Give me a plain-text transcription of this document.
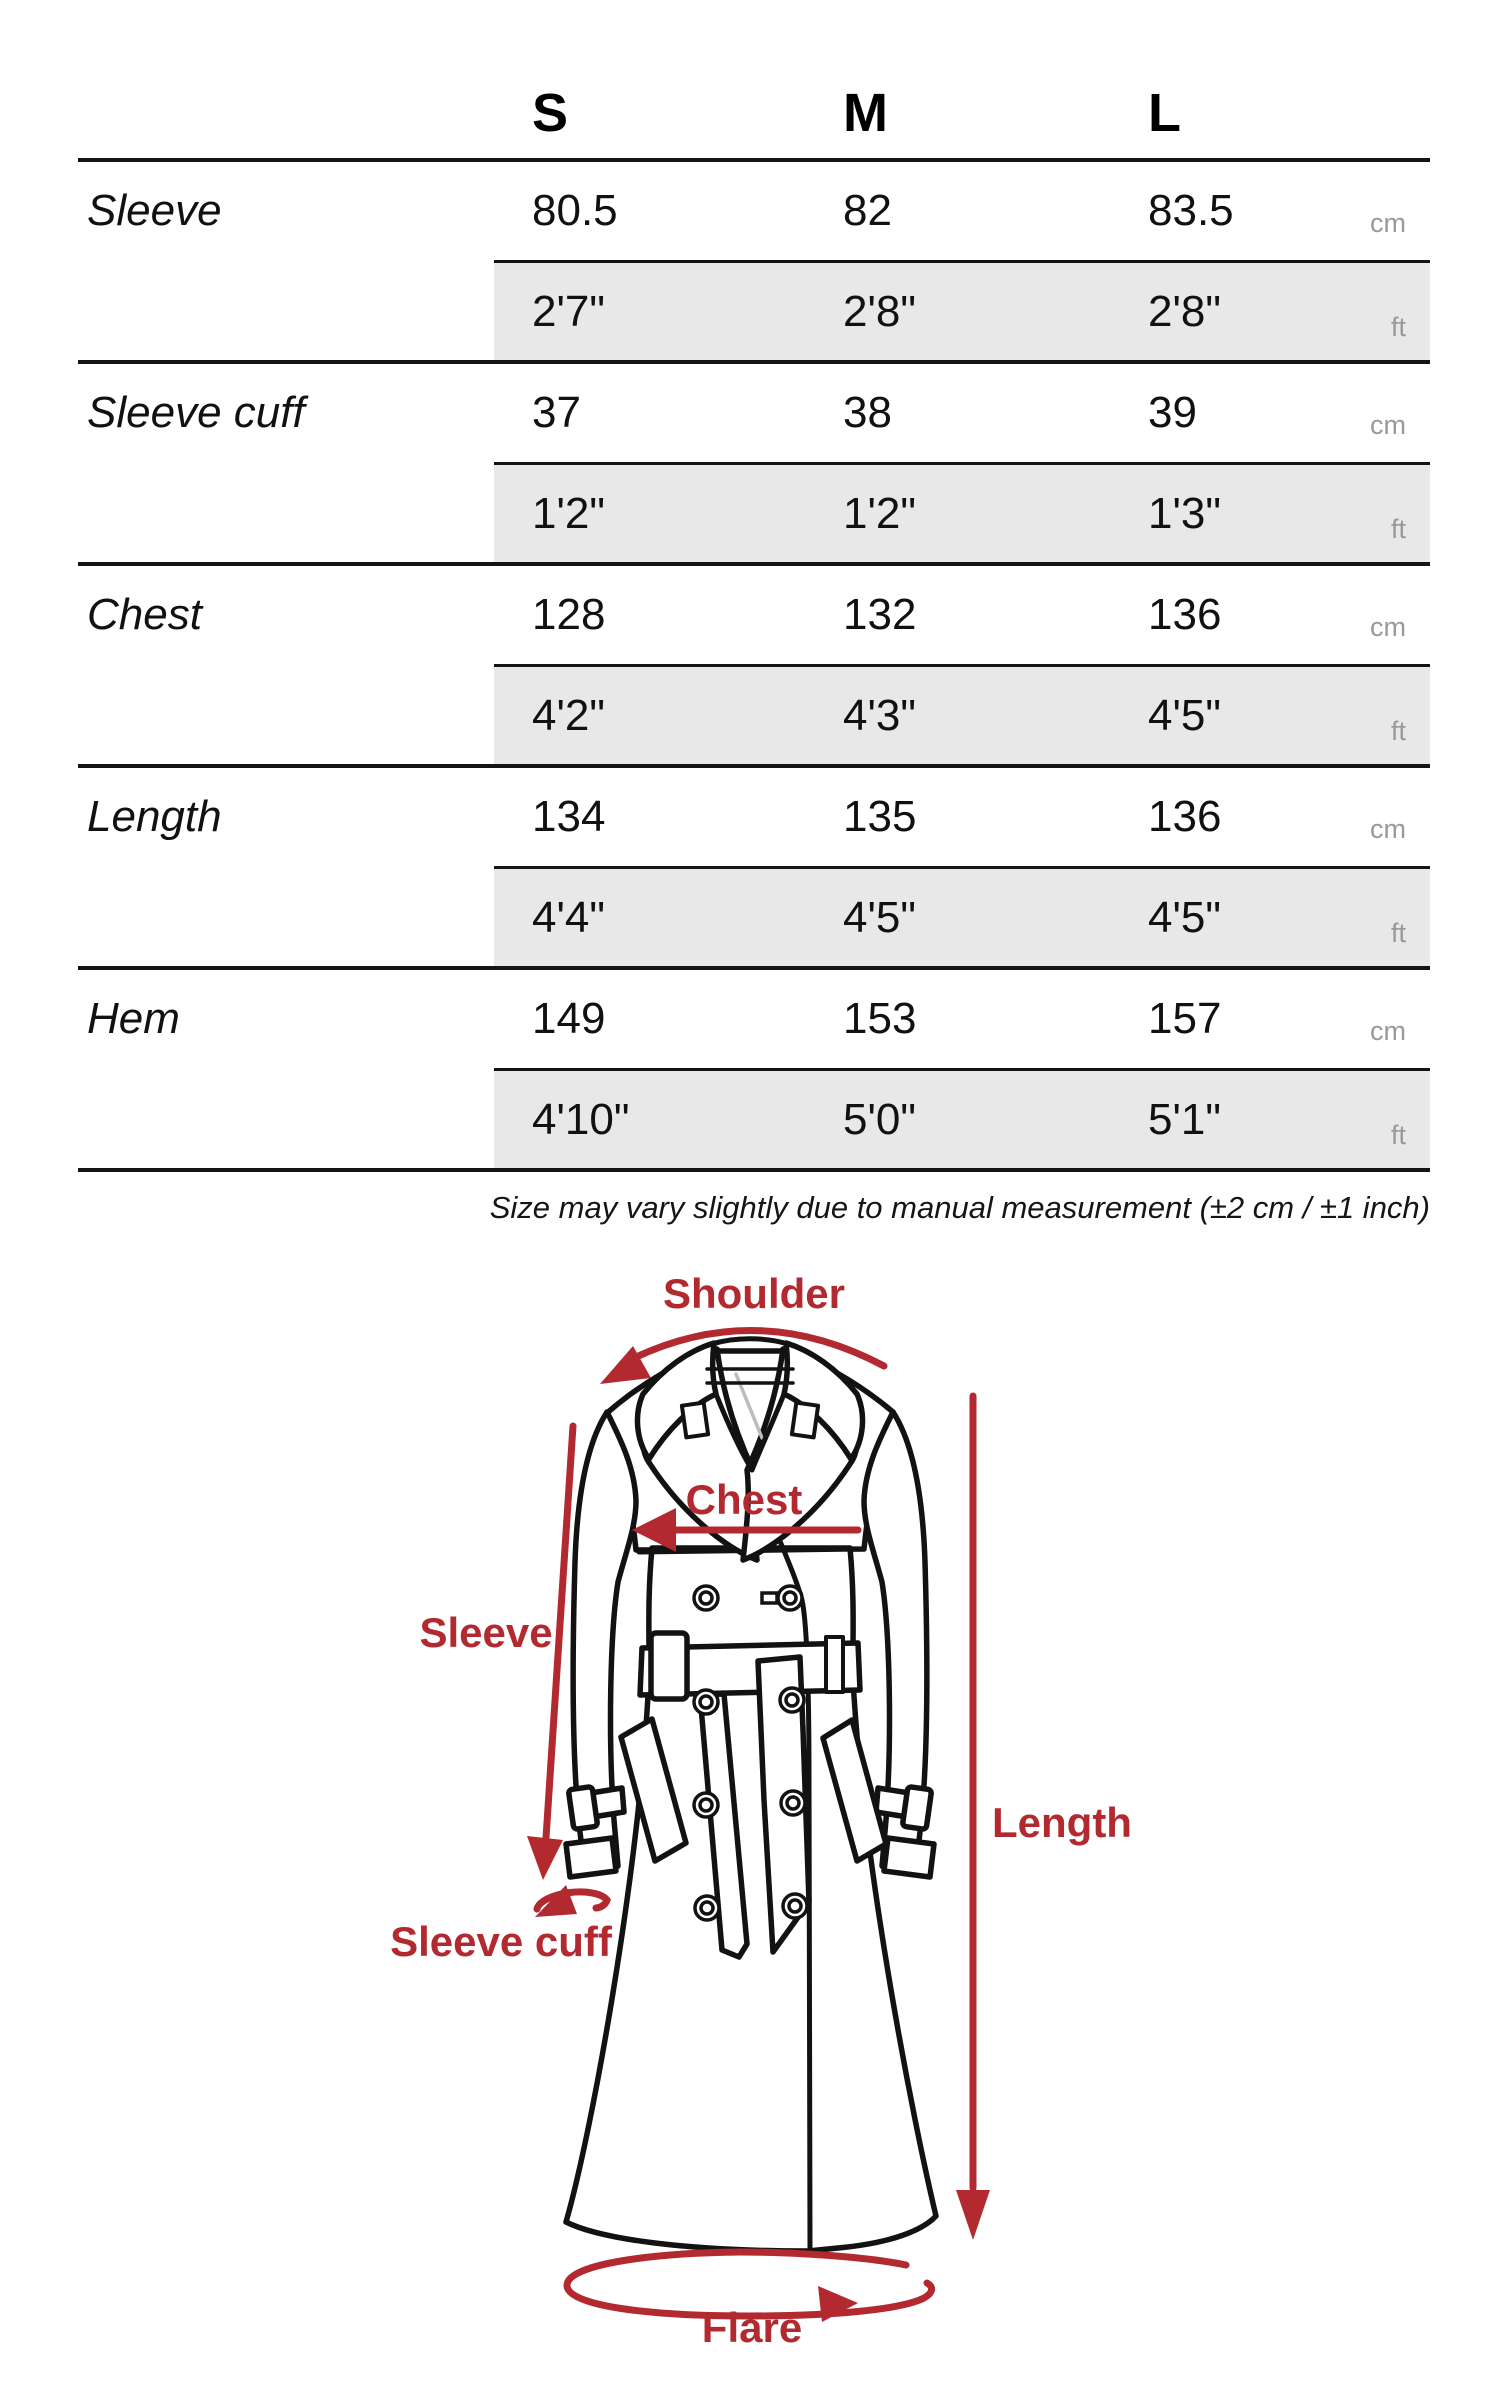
S	M	L
Sleeve	80.5	82	83.5	cm
2'7"	2'8"	2'8"	ft
Sleeve cuff	37	38	39	cm
1'2"	1'2"	1'3"	ft
Chest	128	132	136	cm
4'2"	4'3"	4'5"	ft
Length	134	135	136	cm
4'4"	4'5"	4'5"	ft
Hem	149	153	157	cm
4'10"	5'0"	5'1"	ft
Size may vary slightly due to manual measurement (±2 cm / ±1 inch)
Shoulder
Chest
Sleeve
Length
Sleeve cuff
Flare
